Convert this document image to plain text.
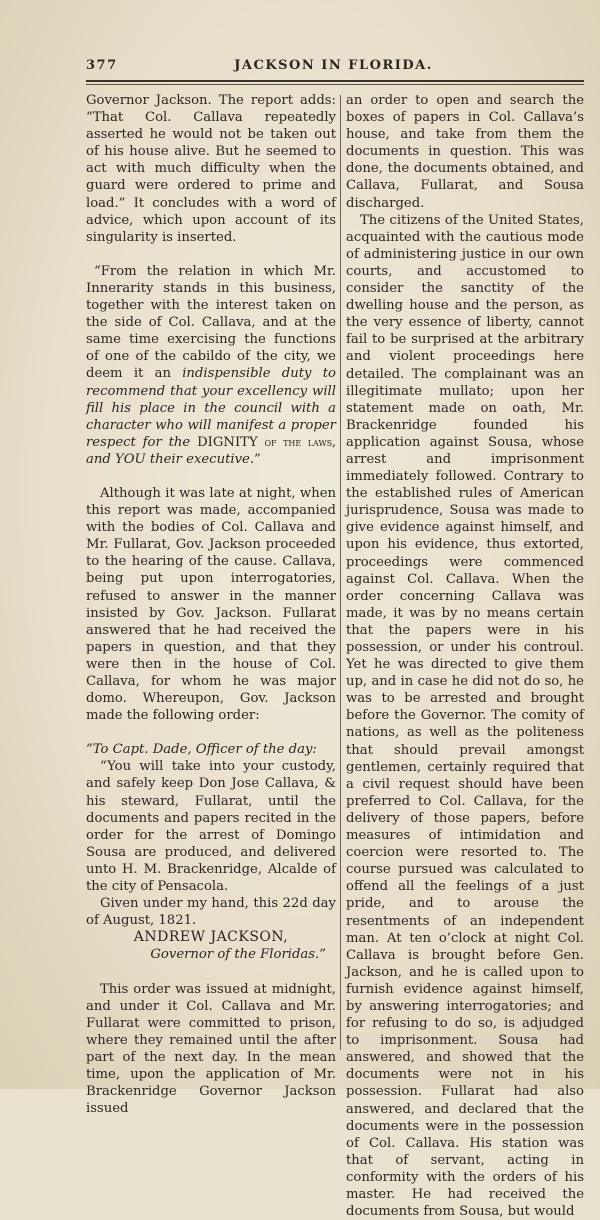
377	JACKSON IN FLORIDA.

Governor Jackson. The report adds: “That Col. Callava repeatedly asserted he would not be taken out of his house alive. But he seemed to act with much difficulty when the guard were ordered to prime and load.” It concludes with a word of advice, which upon account of its singularity is inserted.

“From the relation in which Mr. Innerarity stands in this business, together with the interest taken on the side of Col. Callava, and at the same time exercising the functions of one of the cabildo of the city, we deem it an indispensible duty to recommend that your excellency will fill his place in the council with a character who will manifest a proper respect for the DIGNITY of the laws, and YOU their executive.”

Although it was late at night, when this report was made, accompanied with the bodies of Col. Callava and Mr. Fullarat, Gov. Jackson proceeded to the hearing of the cause. Callava, being put upon interrogatories, refused to answer in the manner insisted by Gov. Jackson. Fullarat answered that he had received the papers in question, and that they were then in the house of Col. Callava, for whom he was major domo. Whereupon, Gov. Jackson made the following order:

“To Capt. Dade, Officer of the day:

“You will take into your custody, and safely keep Don Jose Callava, & his steward, Fullarat, until the documents and papers recited in the order for the arrest of Domingo Sousa are produced, and delivered unto H. M. Brackenridge, Alcalde of the city of Pensacola.

Given under my hand, this 22d day of August, 1821.

ANDREW JACKSON,

Governor of the Floridas.”

This order was issued at midnight, and under it Col. Callava and Mr. Fullarat were committed to prison, where they remained until the after part of the next day. In the mean time, upon the application of Mr. Brackenridge Governor Jackson issued

an order to open and search the boxes of papers in Col. Callava’s house, and take from them the documents in question. This was done, the documents obtained, and Callava, Fullarat, and Sousa discharged.

The citizens of the United States, acquainted with the cautious mode of administering justice in our own courts, and accustomed to consider the sanctity of the dwelling house and the person, as the very essence of liberty, cannot fail to be surprised at the arbitrary and violent proceedings here detailed. The complainant was an illegitimate mullato; upon her statement made on oath, Mr. Brackenridge founded his application against Sousa, whose arrest and imprisonment immediately followed. Contrary to the established rules of American jurisprudence, Sousa was made to give evidence against himself, and upon his evidence, thus extorted, proceedings were commenced against Col. Callava. When the order concerning Callava was made, it was by no means certain that the papers were in his possession, or under his controul. Yet he was directed to give them up, and in case he did not do so, he was to be arrested and brought before the Governor. The comity of nations, as well as the politeness that should prevail amongst gentlemen, certainly required that a civil request should have been preferred to Col. Callava, for the delivery of those papers, before measures of intimidation and coercion were resorted to. The course pursued was calculated to offend all the feelings of a just pride, and to arouse the resentments of an independent man. At ten o’clock at night Col. Callava is brought before Gen. Jackson, and he is called upon to furnish evidence against himself, by answering interrogatories; and for refusing to do so, is adjudged to imprisonment. Sousa had answered, and showed that the documents were not in his possession. Fullarat had also answered, and declared that the documents were in the possession of Col. Callava. His station was that of servant, acting in conformity with the orders of his master. He had received the documents from Sousa, but would
